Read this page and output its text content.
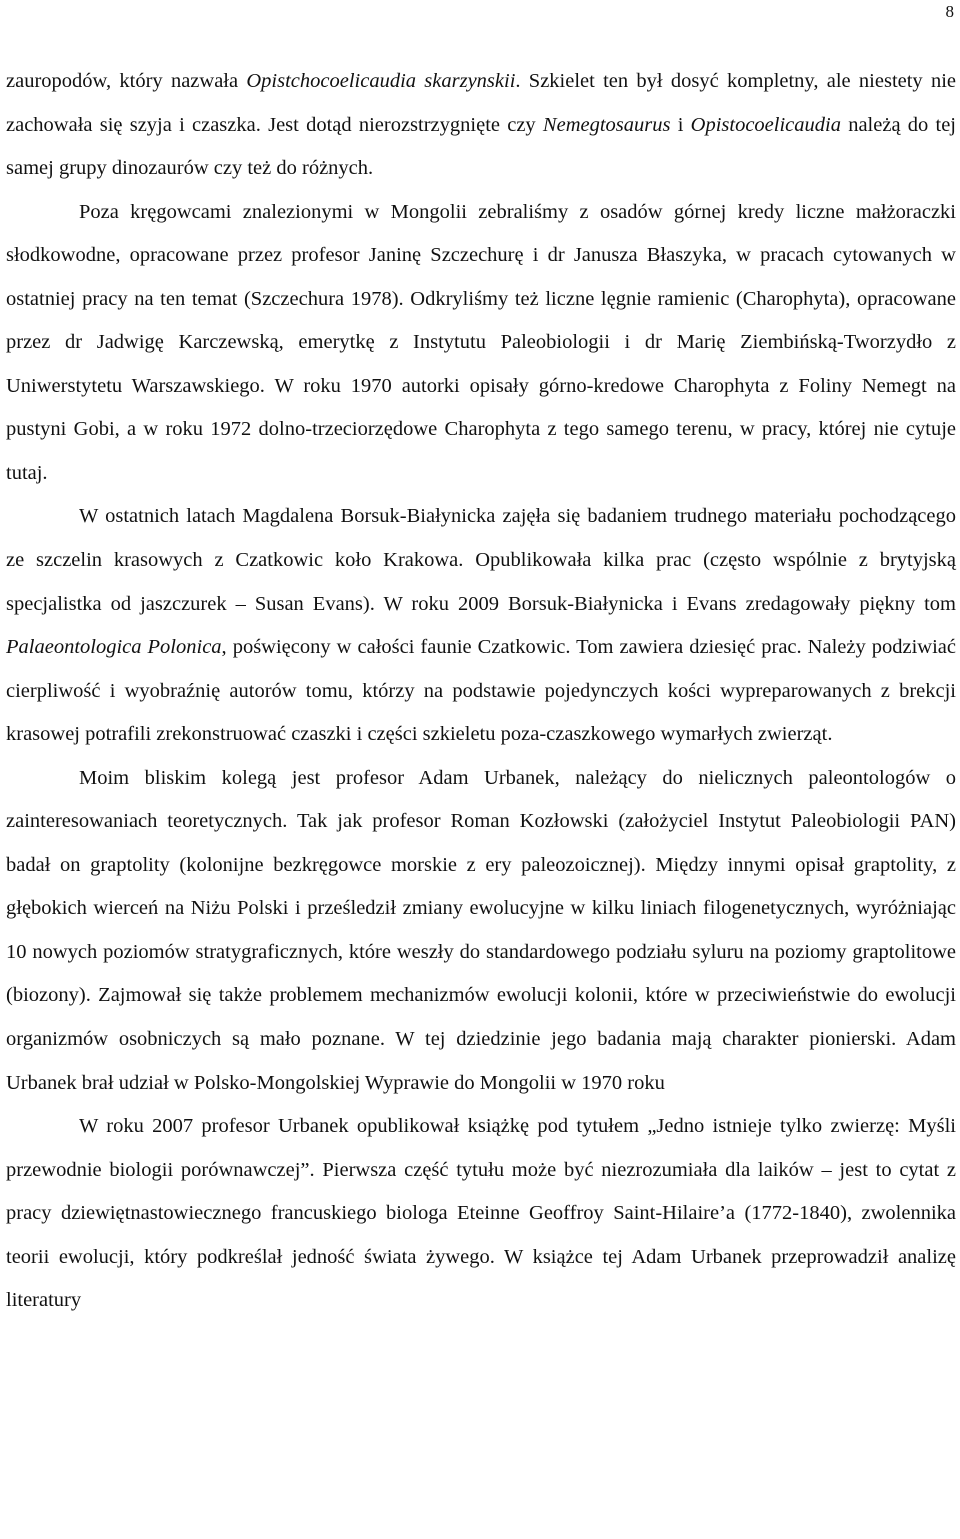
8

zauropodów, który nazwała Opistchocoelicaudia skarzynskii. Szkielet ten był dosyć kompletny, ale niestety nie zachowała się szyja i czaszka. Jest dotąd nierozstrzygnięte czy Nemegtosaurus i Opistocoelicaudia należą do tej samej grupy dinozaurów czy też do różnych.

Poza kręgowcami znalezionymi w Mongolii zebraliśmy z osadów górnej kredy liczne małżoraczki słodkowodne, opracowane przez profesor Janinę Szczechurę i dr Janusza Błaszyka, w pracach cytowanych w ostatniej pracy na ten temat (Szczechura 1978). Odkryliśmy też liczne lęgnie ramienic (Charophyta), opracowane przez dr Jadwigę Karczewską, emerytkę z Instytutu Paleobiologii i dr Marię Ziembińską-Tworzydło z Uniwerstytetu Warszawskiego. W roku 1970 autorki opisały górno-kredowe Charophyta z Foliny Nemegt na pustyni Gobi, a w roku 1972 dolno-trzeciorzędowe Charophyta z tego samego terenu, w pracy, której nie cytuje tutaj.

W ostatnich latach Magdalena Borsuk-Białynicka zajęła się badaniem trudnego materiału pochodzącego ze szczelin krasowych z Czatkowic koło Krakowa. Opublikowała kilka prac (często wspólnie z brytyjską specjalistka od jaszczurek – Susan Evans). W roku 2009 Borsuk-Białynicka i Evans zredagowały piękny tom Palaeontologica Polonica, poświęcony w całości faunie Czatkowic. Tom zawiera dziesięć prac. Należy podziwiać cierpliwość i wyobraźnię autorów tomu, którzy na podstawie pojedynczych kości wypreparowanych z brekcji krasowej potrafili zrekonstruować czaszki i części szkieletu poza-czaszkowego wymarłych zwierząt.

Moim bliskim kolegą jest profesor Adam Urbanek, należący do nielicznych paleontologów o zainteresowaniach teoretycznych. Tak jak profesor Roman Kozłowski (założyciel Instytut Paleobiologii PAN) badał on graptolity (kolonijne bezkręgowce morskie z ery paleozoicznej). Między innymi opisał graptolity, z głębokich wierceń na Niżu Polski i prześledził zmiany ewolucyjne w kilku liniach filogenetycznych, wyróżniając 10 nowych poziomów stratygraficznych, które weszły do standardowego podziału syluru na poziomy graptolitowe (biozony). Zajmował się także problemem mechanizmów ewolucji kolonii, które w przeciwieństwie do ewolucji organizmów osobniczych są mało poznane. W tej dziedzinie jego badania mają charakter pionierski. Adam Urbanek brał udział w Polsko-Mongolskiej Wyprawie do Mongolii w 1970 roku

W roku 2007 profesor Urbanek opublikował książkę pod tytułem „Jedno istnieje tylko zwierzę: Myśli przewodnie biologii porównawczej”. Pierwsza część tytułu może być niezrozumiała dla laików – jest to cytat z pracy dziewiętnastowiecznego francuskiego biologa Eteinne Geoffroy Saint-Hilaire’a (1772-1840), zwolennika teorii ewolucji, który podkreślał jedność świata żywego. W książce tej Adam Urbanek przeprowadził analizę literatury
